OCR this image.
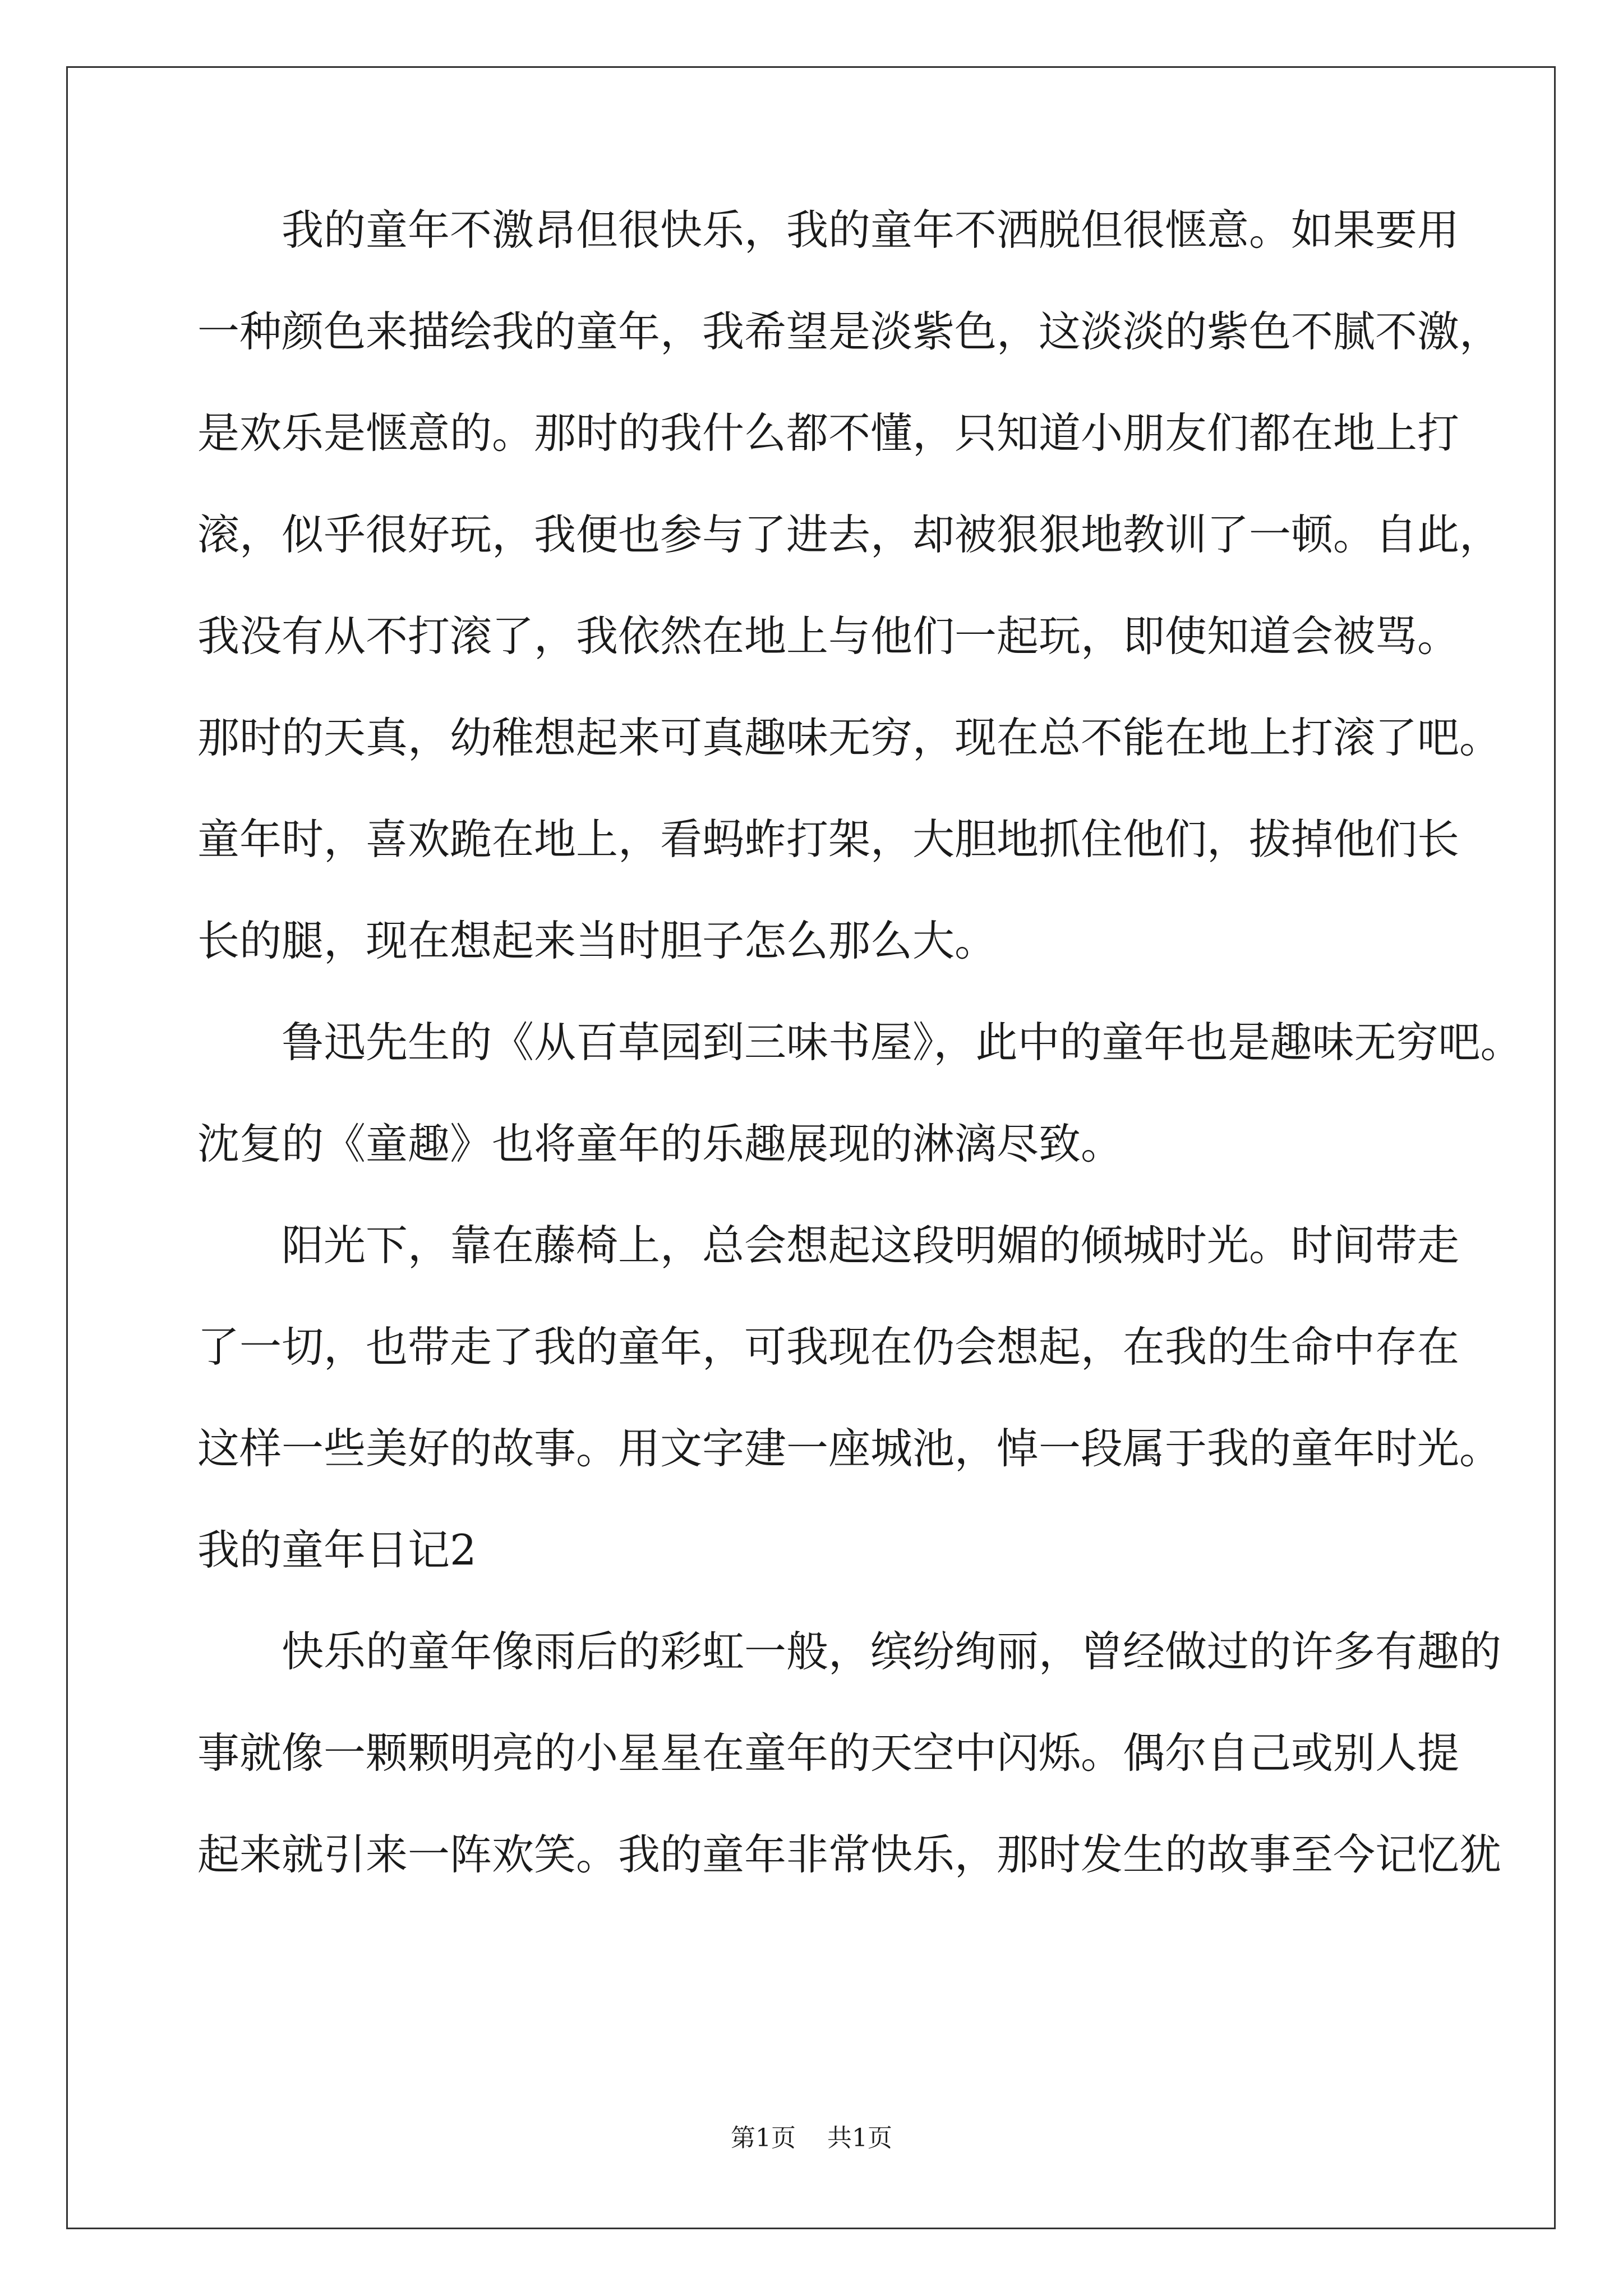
我的童年不激昂但很快乐，我的童年不洒脱但很惬意。如果要用
一种颜色来描绘我的童年，我希望是淡紫色，这淡淡的紫色不腻不激，
是欢乐是惬意的。那时的我什么都不懂，只知道小朋友们都在地上打
滚，似乎很好玩，我便也参与了进去，却被狠狠地教训了一顿。自此，
我没有从不打滚了，我依然在地上与他们一起玩，即使知道会被骂。
那时的天真，幼稚想起来可真趣味无穷，现在总不能在地上打滚了吧。
童年时，喜欢跪在地上，看蚂蚱打架，大胆地抓住他们，拔掉他们长
长的腿，现在想起来当时胆子怎么那么大。
鲁迅先生的《从百草园到三味书屋》，此中的童年也是趣味无穷吧。
沈复的《童趣》也将童年的乐趣展现的淋漓尽致。
阳光下，靠在藤椅上，总会想起这段明媚的倾城时光。时间带走
了一切，也带走了我的童年，可我现在仍会想起，在我的生命中存在
这样一些美好的故事。用文字建一座城池，悼一段属于我的童年时光。
我的童年日记2
快乐的童年像雨后的彩虹一般，缤纷绚丽，曾经做过的许多有趣的
事就像一颗颗明亮的小星星在童年的天空中闪烁。偶尔自己或别人提
起来就引来一阵欢笑。我的童年非常快乐，那时发生的故事至今记忆犹
第1页 共1页
